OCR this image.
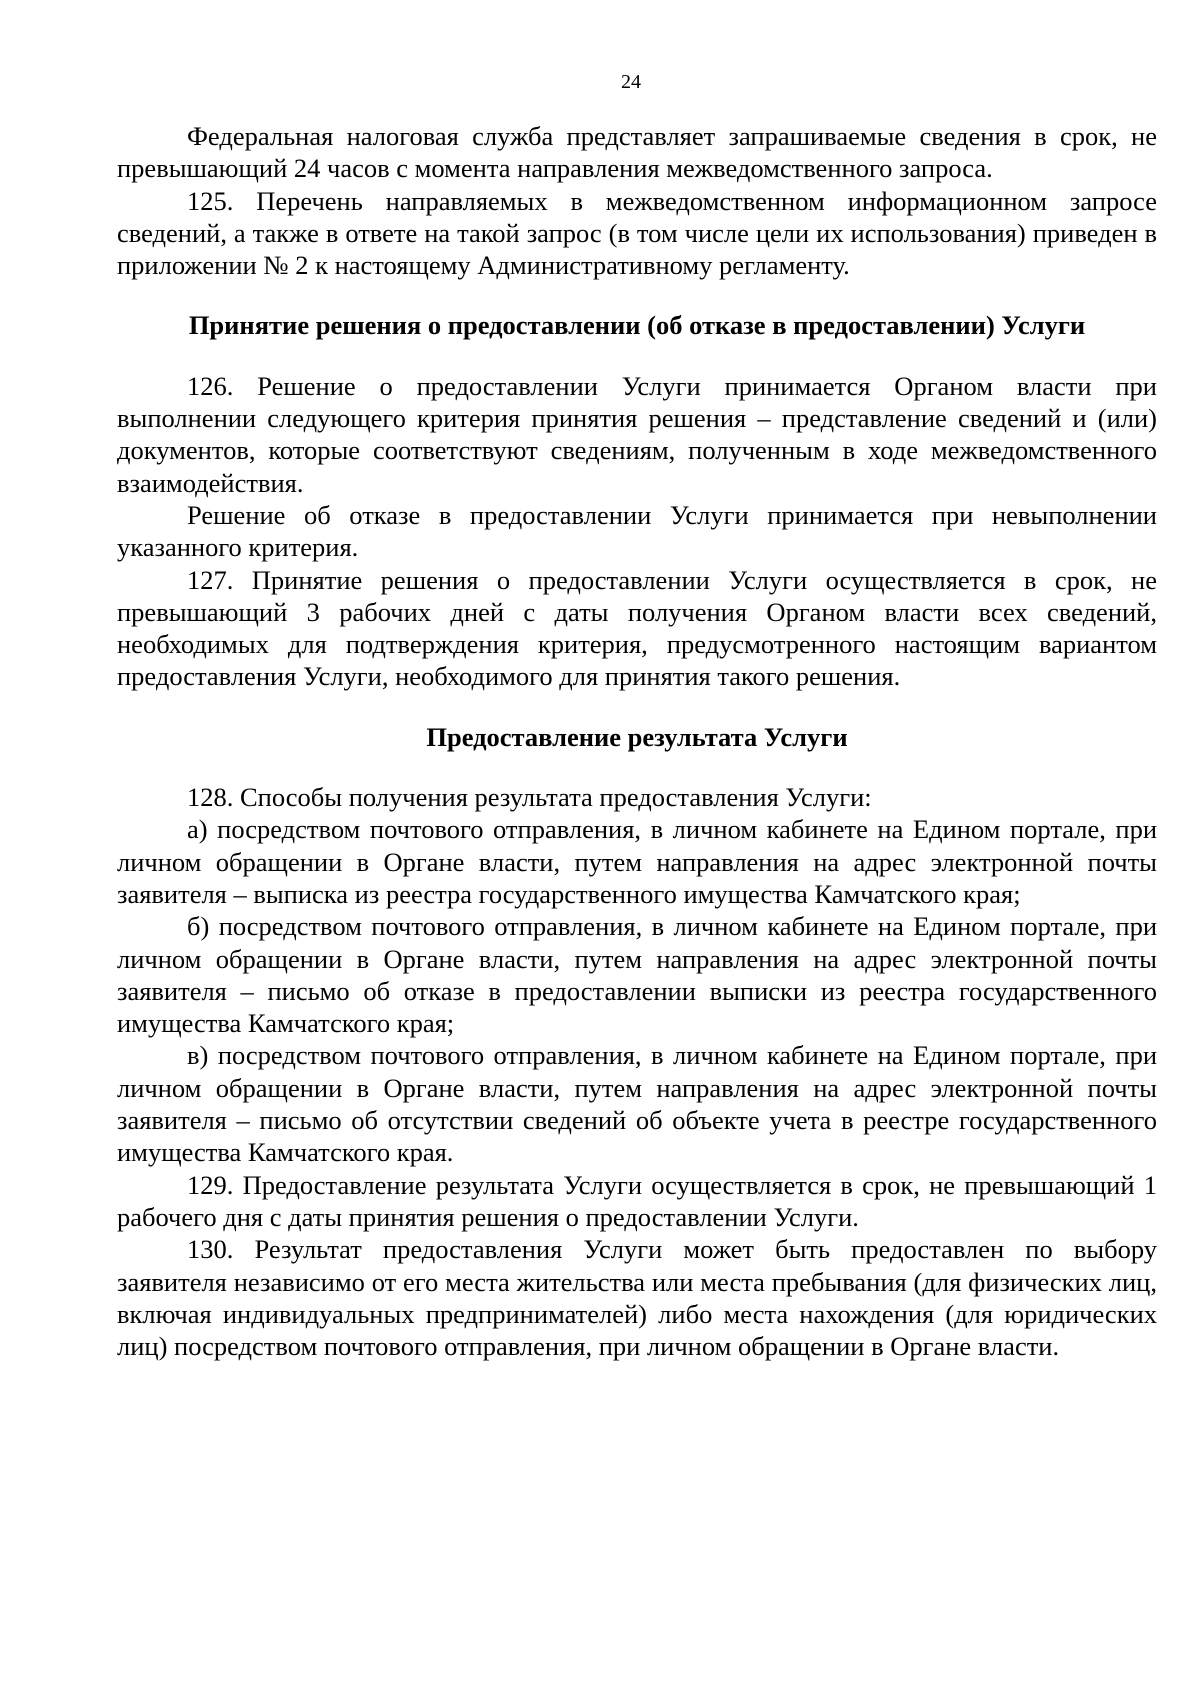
24

Федеральная налоговая служба представляет запрашиваемые сведения в срок, не превышающий 24 часов с момента направления межведомственного запроса.

125. Перечень направляемых в межведомственном информационном запросе сведений, а также в ответе на такой запрос (в том числе цели их использования) приведен в приложении № 2 к настоящему Административному регламенту.

Принятие решения о предоставлении (об отказе в предоставлении) Услуги

126. Решение о предоставлении Услуги принимается Органом власти при выполнении следующего критерия принятия решения – представление сведений и (или) документов, которые соответствуют сведениям, полученным в ходе межведомственного взаимодействия.

Решение об отказе в предоставлении Услуги принимается при невыполнении указанного критерия.

127. Принятие решения о предоставлении Услуги осуществляется в срок, не превышающий 3 рабочих дней с даты получения Органом власти всех сведений, необходимых для подтверждения критерия, предусмотренного настоящим вариантом предоставления Услуги, необходимого для принятия такого решения.

Предоставление результата Услуги

128. Способы получения результата предоставления Услуги:

а) посредством почтового отправления, в личном кабинете на Едином портале, при личном обращении в Органе власти, путем направления на адрес электронной почты заявителя – выписка из реестра государственного имущества Камчатского края;

б) посредством почтового отправления, в личном кабинете на Едином портале, при личном обращении в Органе власти, путем направления на адрес электронной почты заявителя – письмо об отказе в предоставлении выписки из реестра государственного имущества Камчатского края;

в) посредством почтового отправления, в личном кабинете на Едином портале, при личном обращении в Органе власти, путем направления на адрес электронной почты заявителя – письмо об отсутствии сведений об объекте учета в реестре государственного имущества Камчатского края.

129. Предоставление результата Услуги осуществляется в срок, не превышающий 1 рабочего дня с даты принятия решения о предоставлении Услуги.

130. Результат предоставления Услуги может быть предоставлен по выбору заявителя независимо от его места жительства или места пребывания (для физических лиц, включая индивидуальных предпринимателей) либо места нахождения (для юридических лиц) посредством почтового отправления, при личном обращении в Органе власти.
